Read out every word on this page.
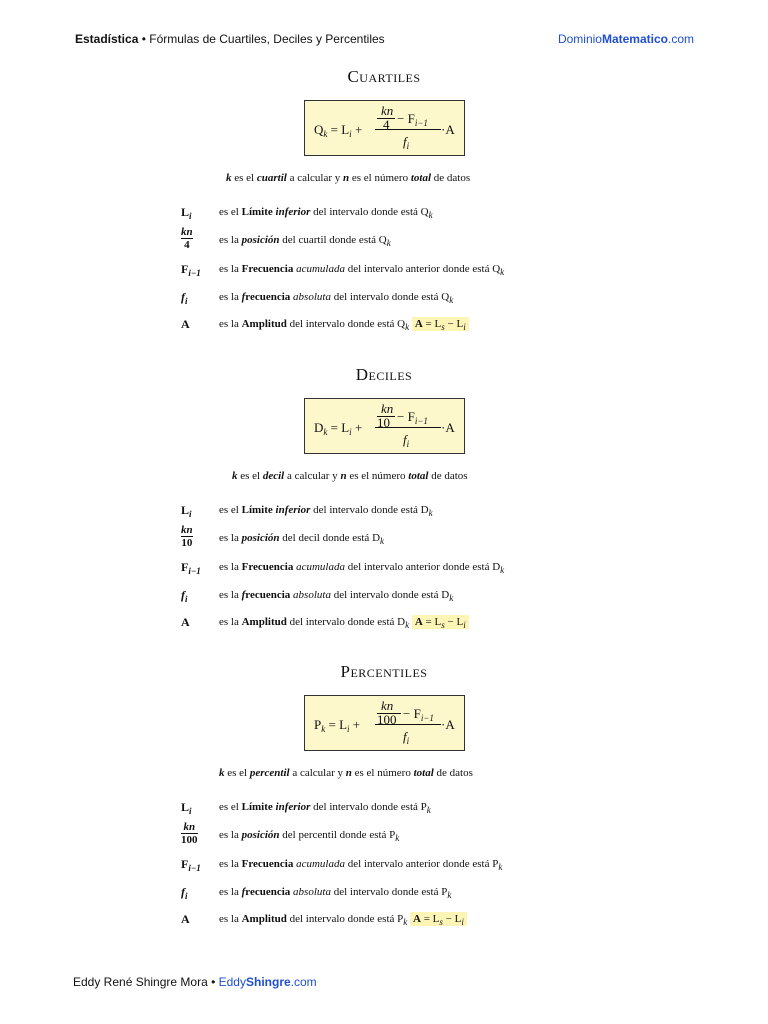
Estadística • Fórmulas de Cuartiles, Deciles y Percentiles	DominioMatematico.com
Cuartiles
$Q_k = L_i$ +
kn
$4 - F_{i-1}$
$f_i$
·A
k es el cuartil a calcular y n es el número total de datos
$L_i$ es el Límite inferior del intervalo donde está $Q_k$
kn
4	es la posición del cuartil donde está $Q_k$
$F_{i-1}$ es la Frecuencia acumulada del intervalo anterior donde está $Q_k$
$f_i$	es la frecuencia absoluta del intervalo donde está $Q_k$
A	es la Amplitud del intervalo donde está $Q_k$ $A = L_s - L_i$
Deciles
$D_k = L_i$ +
kn
$10 - F_{i-1}$
$f_i$
·A
k es el decil a calcular y n es el número total de datos
$L_i$ es el Límite inferior del intervalo donde está $D_k$
kn
10 es la posición del decil donde está $D_k$
$F_{i-1}$ es la Frecuencia acumulada del intervalo anterior donde está $D_k$
$f_i$	es la frecuencia absoluta del intervalo donde está $D_k$
A	es la Amplitud del intervalo donde está $D_k$ $A = L_s - L_i$
Percentiles
$P_k = L_i$ +
kn
$100 - F_{i-1}$
$f_i$
·A
k es el percentil a calcular y n es el número total de datos
$L_i$ es el Límite inferior del intervalo donde está $P_k$
kn
100 es la posición del percentil donde está $P_k$
$F_{i-1}$ es la Frecuencia acumulada del intervalo anterior donde está $P_k$
$f_i$	es la frecuencia absoluta del intervalo donde está $P_k$
A	es la Amplitud del intervalo donde está $P_k$ $A = L_s - L_i$
Eddy René Shingre Mora • EddyShingre.com
